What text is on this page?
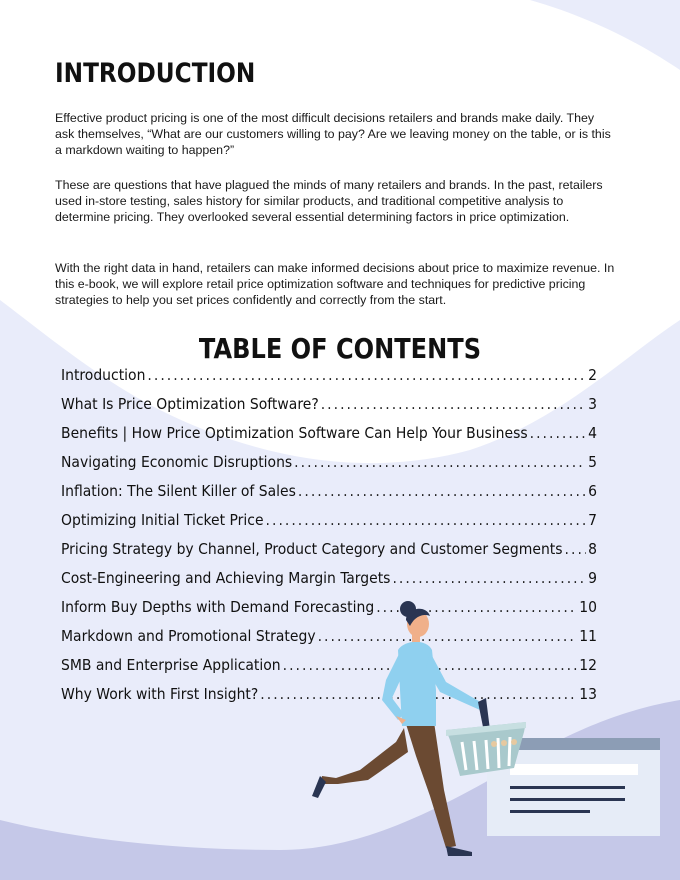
INTRODUCTION

Effective product pricing is one of the most difficult decisions retailers and brands make daily. They ask themselves, “What are our customers willing to pay? Are we leaving money on the table, or is this a markdown waiting to happen?”

These are questions that have plagued the minds of many retailers and brands. In the past, retailers used in-store testing, sales history for similar products, and traditional competitive analysis to determine pricing. They overlooked several essential determining factors in price optimization.

With the right data in hand, retailers can make informed decisions about price to maximize revenue. In this e-book, we will explore retail price optimization software and techniques for predictive pricing strategies to help you set prices confidently and correctly from the start.

TABLE OF CONTENTS
Introduction . . .	2
What Is Price Optimization Software? . . .	3
Benefits | How Price Optimization Software Can Help Your Business . . .	4
Navigating Economic Disruptions . . .	5
Inflation: The Silent Killer of Sales . . .	6
Optimizing Initial Ticket Price . . .	7
Pricing Strategy by Channel, Product Category and Customer Segments . . . 8
Cost-Engineering and Achieving Margin Targets . . .	9
Inform Buy Depths with Demand Forecasting . . .	10
Markdown and Promotional Strategy . . .	11
SMB and Enterprise Application . . .	12
Why Work with First Insight? . . .	13
